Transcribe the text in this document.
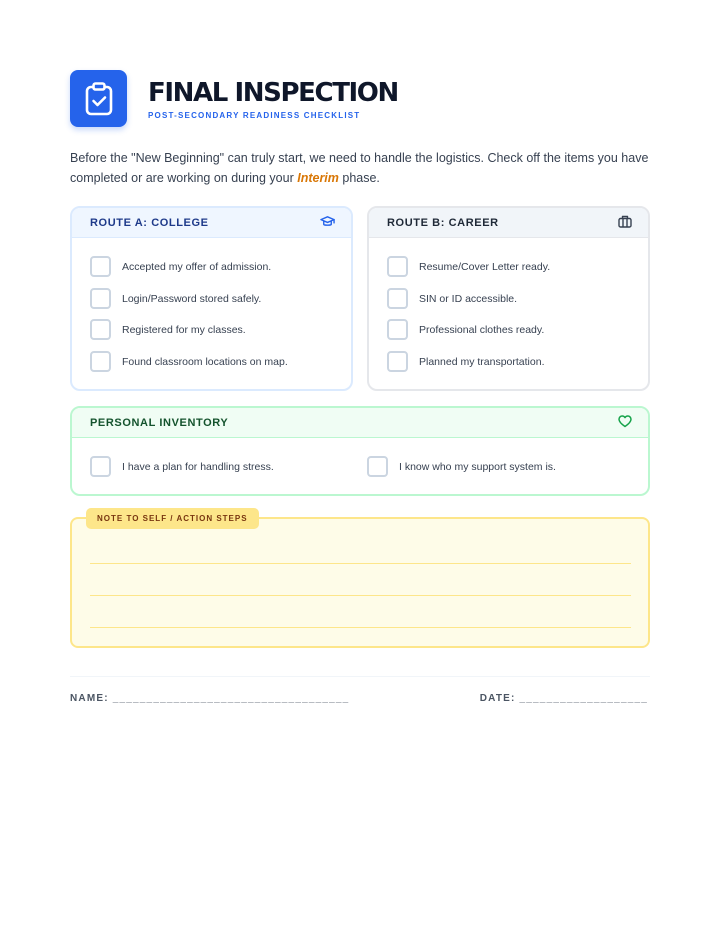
FINAL INSPECTION
POST-SECONDARY READINESS CHECKLIST

Before the "New Beginning" can truly start, we need to handle the logistics. Check off the items you have completed or are working on during your Interim phase.

ROUTE A: COLLEGE
Accepted my offer of admission.
Login/Password stored safely.
Registered for my classes.
Found classroom locations on map.
ROUTE B: CAREER
Resume/Cover Letter ready.
SIN or ID accessible.
Professional clothes ready.
Planned my transportation.
PERSONAL INVENTORY
I have a plan for handling stress.	I know who my support system is.
NOTE TO SELF / ACTION STEPS
NAME: ___________________________________	DATE: ___________________
